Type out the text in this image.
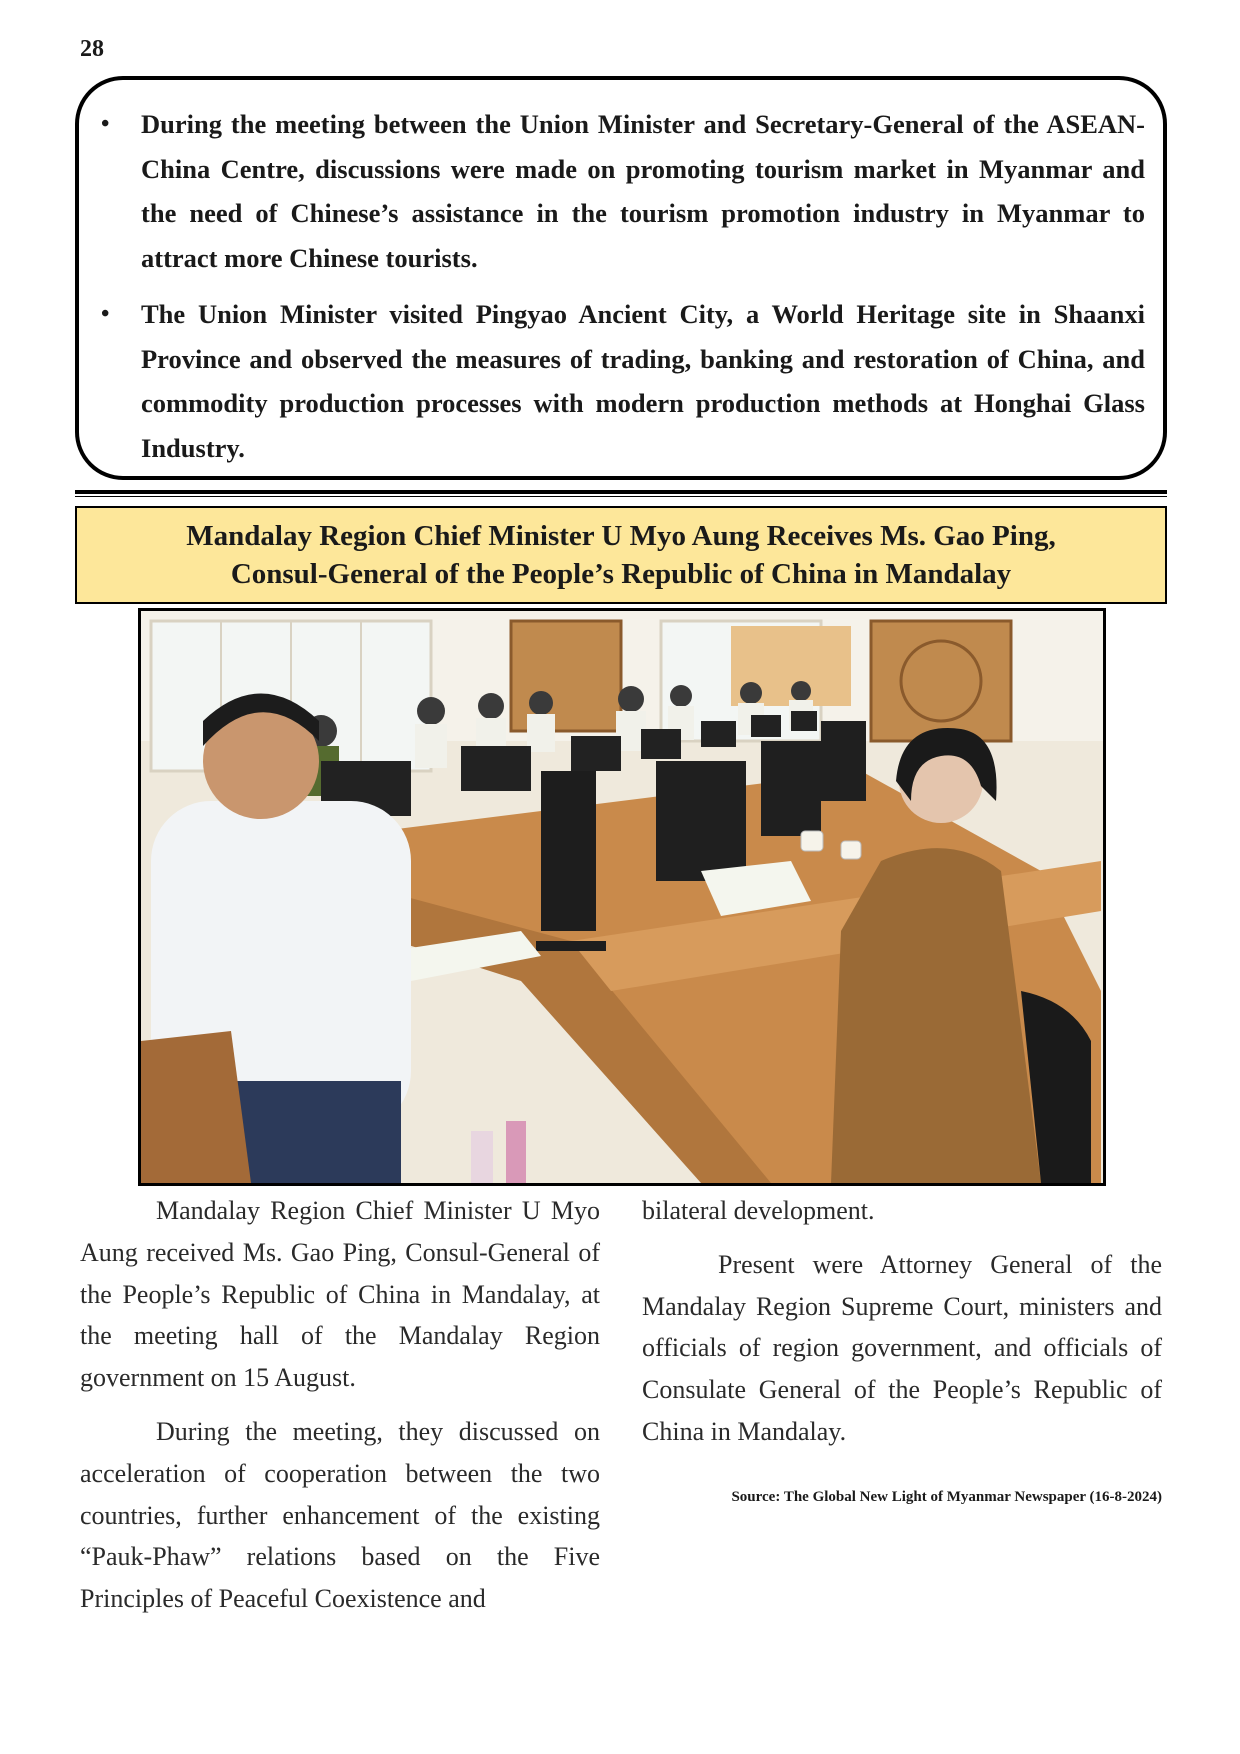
28
• During the meeting between the Union Minister and Secretary-General of the ASEAN-China Centre, discussions were made on promoting tourism market in Myanmar and the need of Chinese’s assistance in the tourism promotion industry in Myanmar to attract more Chinese tourists.
• The Union Minister visited Pingyao Ancient City, a World Heritage site in Shaanxi Province and observed the measures of trading, banking and restoration of China, and commodity production processes with modern production methods at Honghai Glass Industry.
Mandalay Region Chief Minister U Myo Aung Receives Ms. Gao Ping,
Consul-General of the People’s Republic of China in Mandalay

Mandalay Region Chief Minister U Myo Aung received Ms. Gao Ping, Consul-General of the People’s Republic of China in Mandalay, at the meeting hall of the Mandalay Region government on 15 August.

During the meeting, they discussed on acceleration of cooperation between the two countries, further enhancement of the existing “Pauk-Phaw” relations based on the Five Principles of Peaceful Coexistence and

bilateral development.

Present were Attorney General of the Mandalay Region Supreme Court, ministers and officials of region government, and officials of Consulate General of the People’s Republic of China in Mandalay.

Source: The Global New Light of Myanmar Newspaper (16-8-2024)
